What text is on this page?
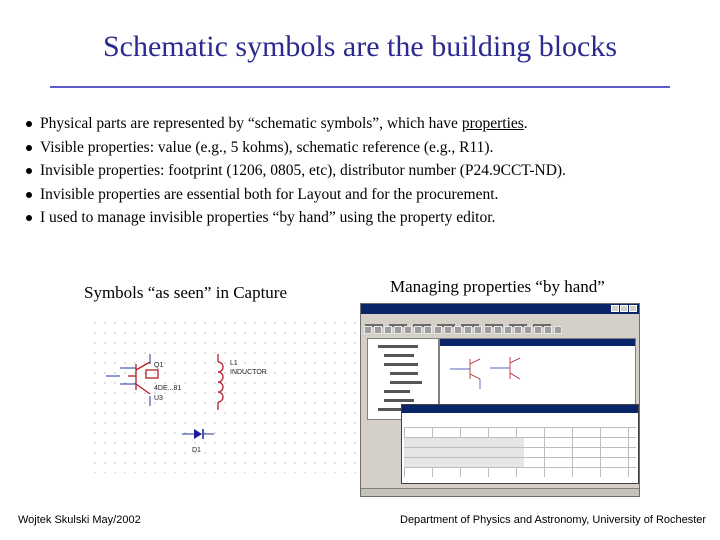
Schematic symbols are the building blocks
Physical parts are represented by “schematic symbols”, which have properties.
Visible properties: value (e.g., 5 kohms), schematic reference (e.g., R11).
Invisible properties: footprint (1206, 0805, etc), distributor number (P24.9CCT-ND).
Invisible properties are essential both for Layout and for the procurement.
I used to manage invisible properties “by hand” using the property editor.
Symbols “as seen” in Capture	Managing properties “by hand”
Q1
4DE...81
U3
L1
INDUCTOR
D1
Wojtek Skulski May/2002	Department of Physics and Astronomy, University of Rochester
